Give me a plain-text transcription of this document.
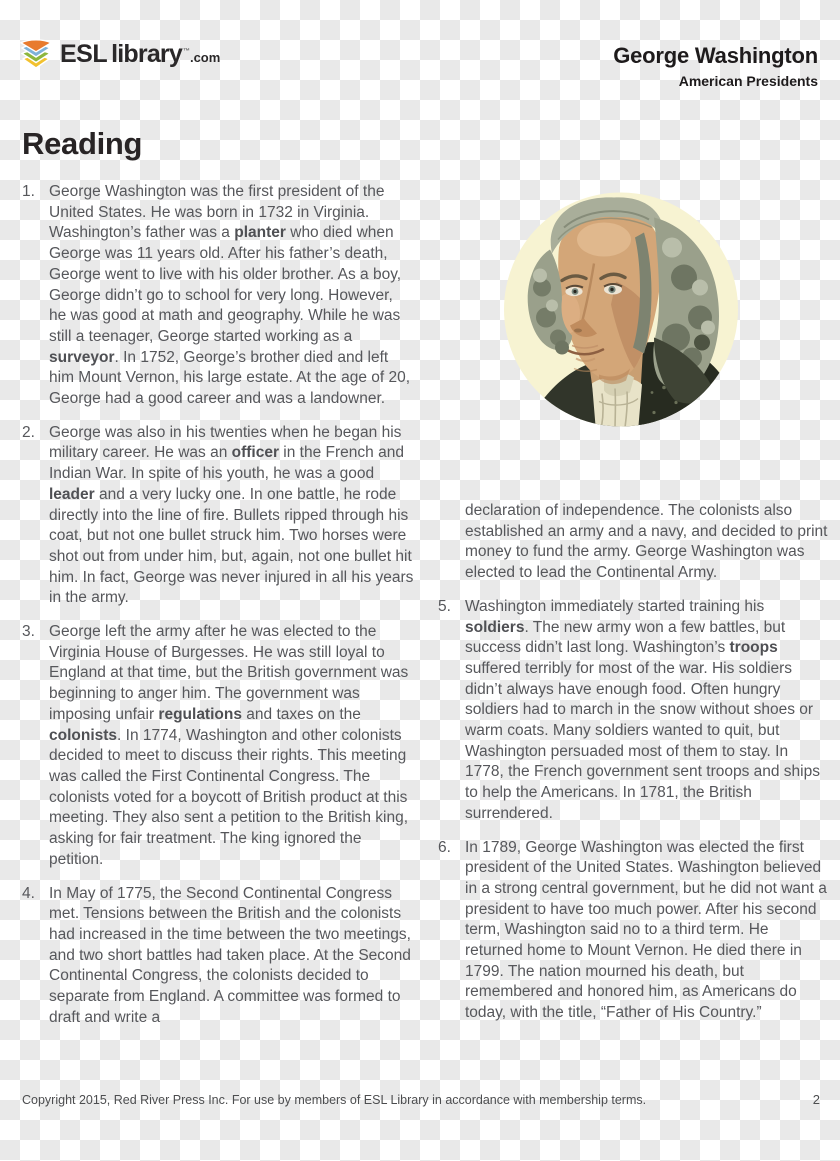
ESL library ™ .com	George Washington
American Presidents
Reading
1. George Washington was the first president of the United States. He was born in 1732 in Virginia. Washington’s father was a planter who died when George was 11 years old. After his father’s death, George went to live with his older brother. As a boy, George didn’t go to school for very long. However, he was good at math and geography. While he was still a teenager, George started working as a surveyor. In 1752, George’s brother died and left him Mount Vernon, his large estate. At the age of 20, George had a good career and was a landowner.
2. George was also in his twenties when he began his military career. He was an officer in the French and Indian War. In spite of his youth, he was a good leader and a very lucky one. In one battle, he rode directly into the line of fire. Bullets ripped through his coat, but not one bullet struck him. Two horses were shot out from under him, but, again, not one bullet hit him. In fact, George was never injured in all his years in the army.
3. George left the army after he was elected to the Virginia House of Burgesses. He was still loyal to England at that time, but the British government was beginning to anger him. The government was imposing unfair regulations and taxes on the colonists. In 1774, Washington and other colonists decided to meet to discuss their rights. This meeting was called the First Continental Congress. The colonists voted for a boycott of British product at this meeting. They also sent a petition to the British king, asking for fair treatment. The king ignored the petition.
4. In May of 1775, the Second Continental Congress met. Tensions between the British and the colonists had increased in the time between the two meetings, and two short battles had taken place. At the Second Continental Congress, the colonists decided to separate from England. A committee was formed to draft and write a
declaration of independence. The colonists also established an army and a navy, and decided to print money to fund the army. George Washington was elected to lead the Continental Army.
5. Washington immediately started training his soldiers. The new army won a few battles, but success didn’t last long. Washington’s troops suffered terribly for most of the war. His soldiers didn’t always have enough food. Often hungry soldiers had to march in the snow without shoes or warm coats. Many soldiers wanted to quit, but Washington persuaded most of them to stay. In 1778, the French government sent troops and ships to help the Americans. In 1781, the British surrendered.
6. In 1789, George Washington was elected the first president of the United States. Washington believed in a strong central government, but he did not want a president to have too much power. After his second term, Washington said no to a third term. He returned home to Mount Vernon. He died there in 1799. The nation mourned his death, but remembered and honored him, as Americans do today, with the title, “Father of His Country.”
Copyright 2015, Red River Press Inc. For use by members of ESL Library in accordance with membership terms.	2
